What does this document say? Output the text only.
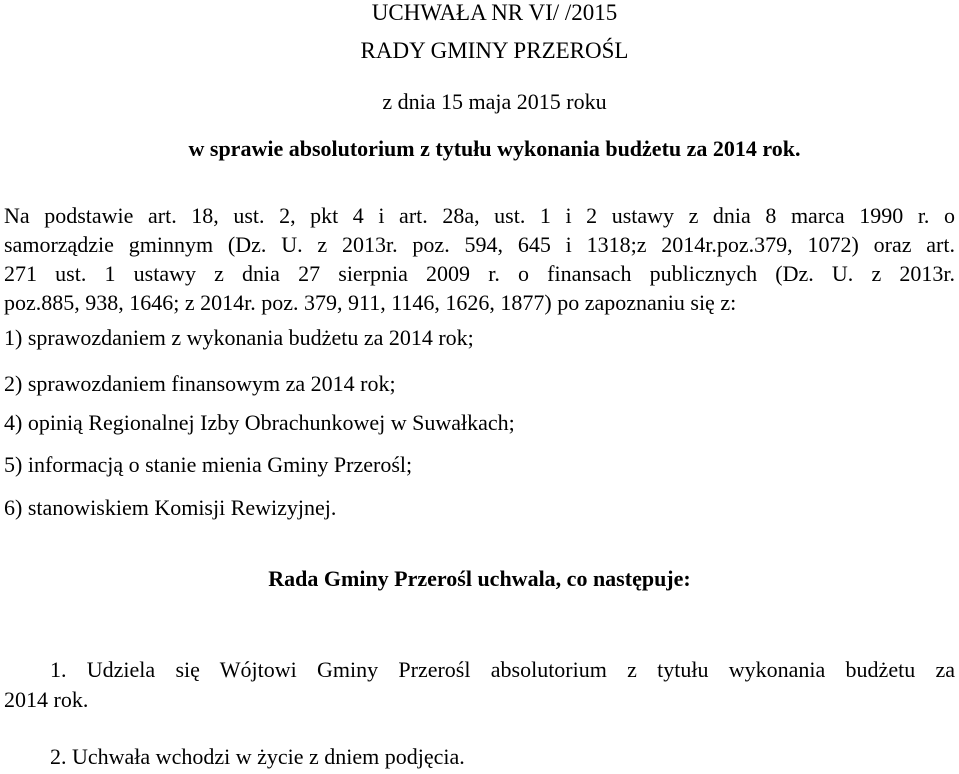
UCHWAŁA NR VI/ /2015
RADY GMINY PRZEROŚL
z dnia 15 maja 2015 roku
w sprawie absolutorium z tytułu wykonania budżetu za 2014 rok.
Na podstawie art. 18, ust. 2, pkt 4 i art. 28a, ust. 1 i 2 ustawy z dnia 8 marca 1990 r. o
samorządzie gminnym (Dz. U. z 2013r. poz. 594, 645 i 1318;z 2014r.poz.379, 1072) oraz art.
271 ust. 1 ustawy z dnia 27 sierpnia 2009 r. o finansach publicznych (Dz. U. z 2013r.
poz.885, 938, 1646; z 2014r. poz. 379, 911, 1146, 1626, 1877) po zapoznaniu się z:
1) sprawozdaniem z wykonania budżetu za 2014 rok;
2) sprawozdaniem finansowym za 2014 rok;
4) opinią Regionalnej Izby Obrachunkowej w Suwałkach;
5) informacją o stanie mienia Gminy Przerośl;
6) stanowiskiem Komisji Rewizyjnej.
Rada Gminy Przerośl uchwala, co następuje:
1. Udziela się Wójtowi Gminy Przerośl absolutorium z tytułu wykonania budżetu za
2014 rok.
2. Uchwała wchodzi w życie z dniem podjęcia.
